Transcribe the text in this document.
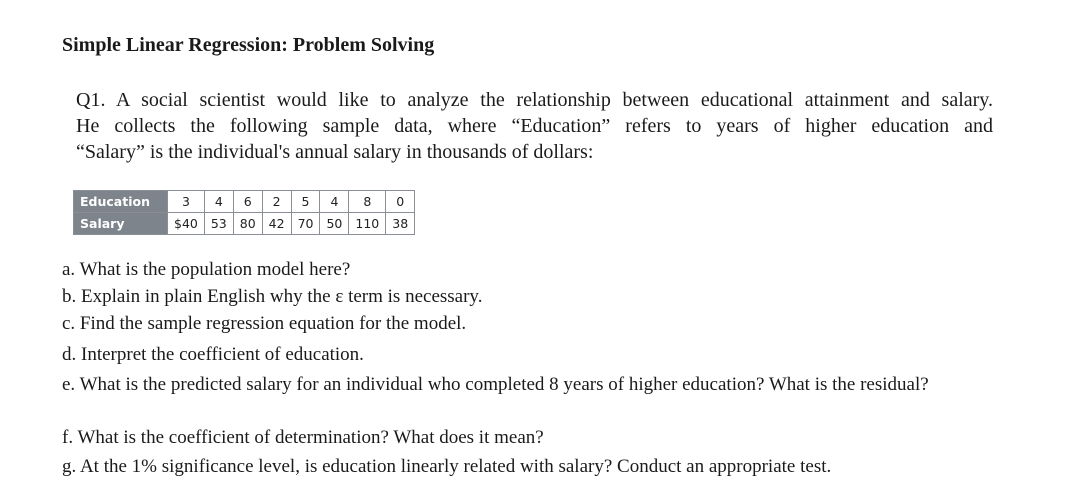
Simple Linear Regression: Problem Solving

Q1. A social scientist would like to analyze the relationship between educational attainment and salary.
He collects the following sample data, where “Education” refers to years of higher education and
“Salary” is the individual's annual salary in thousands of dollars:

Education	3	4	6	2	5	4	8	0
Salary	$40	53	80	42	70	50	110	38
a. What is the population model here?
b. Explain in plain English why the ε term is necessary.
c. Find the sample regression equation for the model.
d. Interpret the coefficient of education.
e. What is the predicted salary for an individual who completed 8 years of higher education? What is the residual?
f. What is the coefficient of determination? What does it mean?
g. At the 1% significance level, is education linearly related with salary? Conduct an appropriate test.
